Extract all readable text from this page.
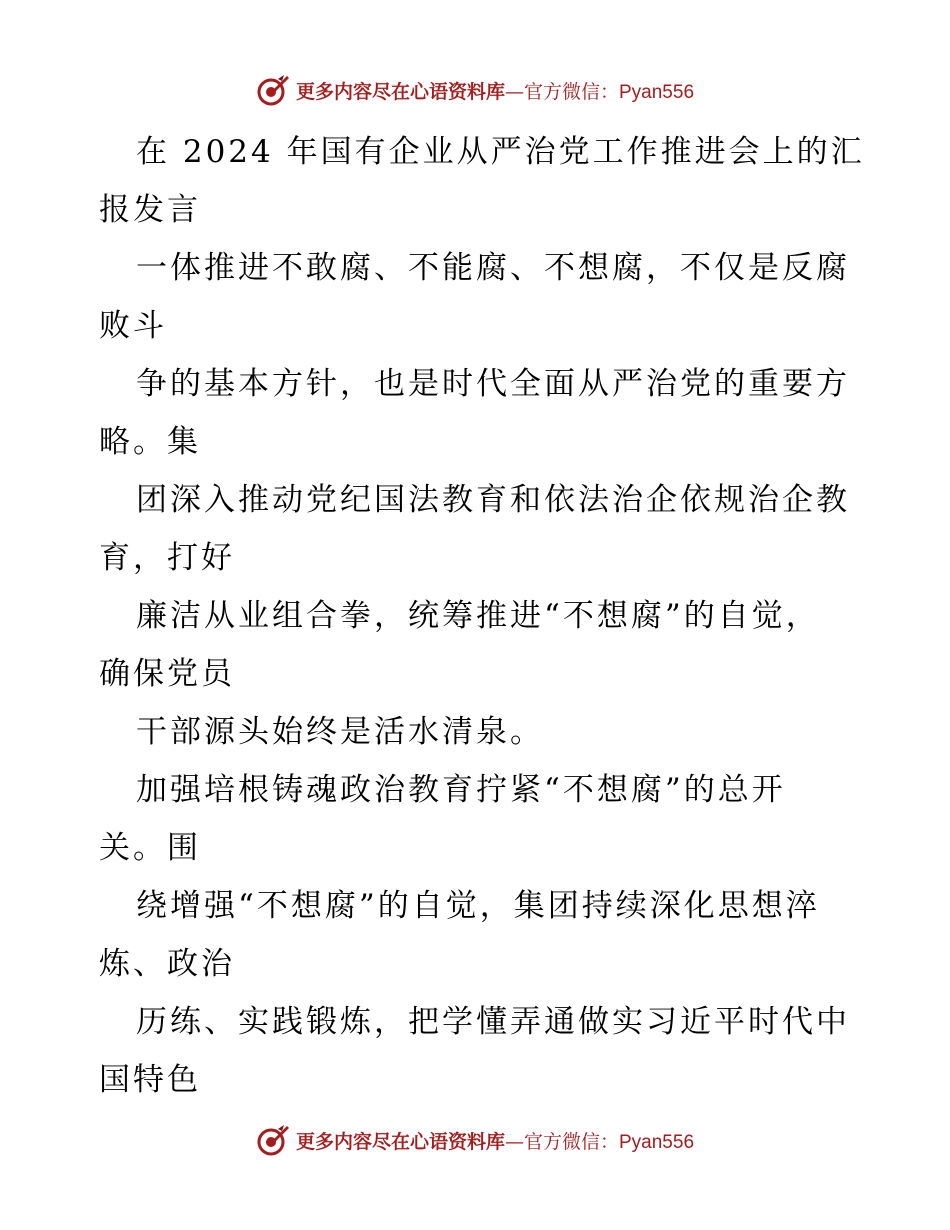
更多内容尽在心语资料库—官方微信：Pyan556
在 2024 年国有企业从严治党工作推进会上的汇
报发言
一体推进不敢腐、不能腐、不想腐，不仅是反腐
败斗
争的基本方针，也是时代全面从严治党的重要方
略。集
团深入推动党纪国法教育和依法治企依规治企教
育，打好
廉洁从业组合拳，统筹推进“不想腐”的自觉，
确保党员
干部源头始终是活水清泉。
加强培根铸魂政治教育拧紧“不想腐”的总开
关。围
绕增强“不想腐”的自觉，集团持续深化思想淬
炼、政治
历练、实践锻炼，把学懂弄通做实习近平时代中
国特色
更多内容尽在心语资料库—官方微信：Pyan556
